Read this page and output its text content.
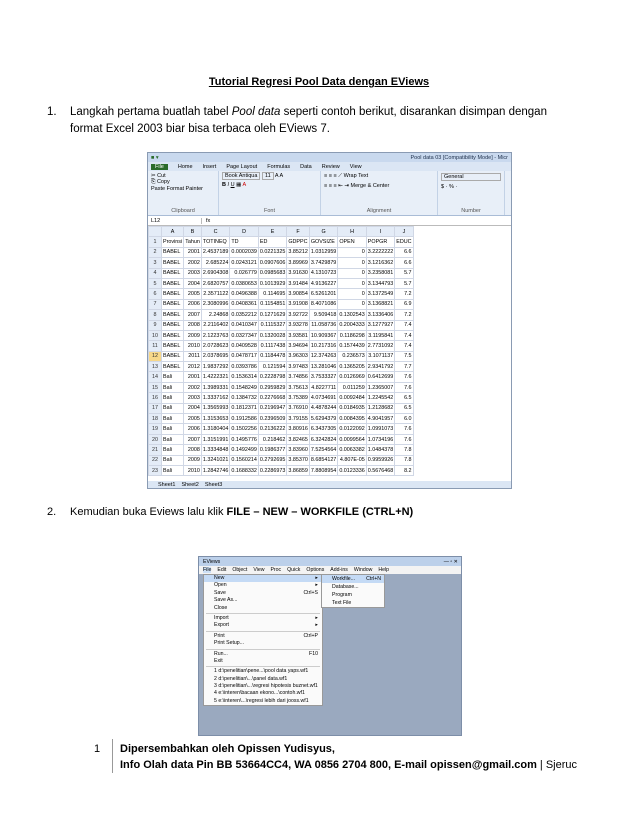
Tutorial Regresi Pool Data dengan EViews
1. Langkah pertama buatlah tabel Pool data seperti contoh berikut, disarankan disimpan dengan format Excel 2003 biar bisa terbaca oleh EViews 7.
■ ▾	Pool data 03 [Compatibility Mode] - Micr
File	Home Insert Page Layout Formulas Data Review View
✂ Cut
⎘ Copy
Paste Format Painter
Clipboard
Book Antiqua 11 A A
B I U ▦ A
Font
≡ ≡ ≡ ⟋ Wrap Text
≡ ≡ ≡ ⇤ ⇥ Merge & Center
Alignment
General
$ · % ·
Number
L12	fx
	A	B	C	D	E	F	G	H	I	J
1	Provinsi	Tahun	TOTINEQ	TD	ED	GDPPC	GOVSIZE	OPEN	POPGR	EDUC
2	BABEL	2001	2.4537189	0.0002039	0.0221325	3.85212	1.0312959	0	3.2222222	6.6
3	BABEL	2002	2.685224	0.0243121	0.0907606	3.89969	3.7429879	0	3.1216362	6.6
4	BABEL	2003	2.6904308	0.026779	0.0985683	3.91630	4.1310723	0	3.2358081	5.7
5	BABEL	2004	2.6820757	0.0380653	0.1013929	3.91484	4.9136227	0	3.1344793	5.7
6	BABEL	2005	2.3571122	0.0496388	0.114695	3.90854	6.5261201	0	3.1372549	7.2
7	BABEL	2006	2.3080996	0.0408361	0.1154851	3.91908	8.4071086	0	3.1368821	6.9
8	BABEL	2007	2.24868	0.0352212	0.1271629	3.92722	9.509418	0.1302543	3.1336406	7.2
9	BABEL	2008	2.2116402	0.0410347	0.1115327	3.93278	11.058736	0.2004333	3.1277927	7.4
10	BABEL	2009	2.1223763	0.0327347	0.1320028	3.93581	10.909367	0.1186298	3.1195841	7.4
11	BABEL	2010	2.0728623	0.0409528	0.1117438	3.94694	10.217316	0.1574439	2.7731092	7.4
12	BABEL	2011	2.0378695	0.0478717	0.1184478	3.96303	12.374263	0.236573	3.1071137	7.5
13	BABEL	2012	1.9837292	0.0393786	0.121594	3.97483	13.281046	0.1365205	2.9341792	7.7
14	Bali	2001	1.4222321	0.1536314	0.2228798	3.74856	3.7533327	0.0126969	0.6412699	7.6
15	Bali	2002	1.3989331	0.1548249	0.2959829	3.75613	4.8227711	0.011259	1.2365007	7.6
16	Bali	2003	1.3337162	0.1384732	0.2276668	3.75389	4.0734691	0.0092484	1.2245542	6.5
17	Bali	2004	1.3565993	0.1812371	0.2196947	3.76910	4.4878244	0.0184935	1.2128682	6.5
18	Bali	2005	1.3153653	0.1912586	0.2396509	3.79155	5.6294379	0.0084395	4.9041957	6.0
19	Bali	2006	1.3180404	0.1502256	0.2136222	3.80916	6.3437305	0.0122092	1.0991073	7.6
20	Bali	2007	1.3151991	0.1495776	0.218462	3.82465	6.3242824	0.0099564	1.0734196	7.6
21	Bali	2008	1.3334848	0.1492499	0.1986377	3.83960	7.5254564	0.0063382	1.0484378	7.8
22	Bali	2009	1.3241021	0.1560214	0.2792695	3.85370	8.6854127	4.807E-05	0.9959926	7.8
23	Bali	2010	1.2842746	0.1688332	0.2286973	3.86859	7.8808954	0.0123336	0.5676468	8.2
Sheet1 Sheet2 Sheet3
2. Kemudian buka Eviews lalu klik FILE – NEW – WORKFILE (CTRL+N)
EViews	— ▫ ✕
File Edit Object View Proc Quick Options Add-ins Window Help
New	▸
Open	▸
Save	Ctrl+S
Save As...
Close
Import	▸
Export	▸
Print	Ctrl+P
Print Setup...
Run...	F10
Exit
1 d:\penelitian\pene...\pool data yaps.wf1
2 d:\penelitian\...\panel data.wf1
3 d:\penelitian\...\regresi hipotesis buznet.wf1
4 e:\interen\bacaan ekono...\contoh.wf1
5 e:\interen\...\regresi lebih dari jooss.wf1
Workfile... Ctrl+N
Database...
Program
Text File
1	Dipersembahkan oleh Opissen Yudisyus,
Info Olah data Pin BB 53664CC4, WA 0856 2704 800, E-mail opissen@gmail.com | Sjeruc
